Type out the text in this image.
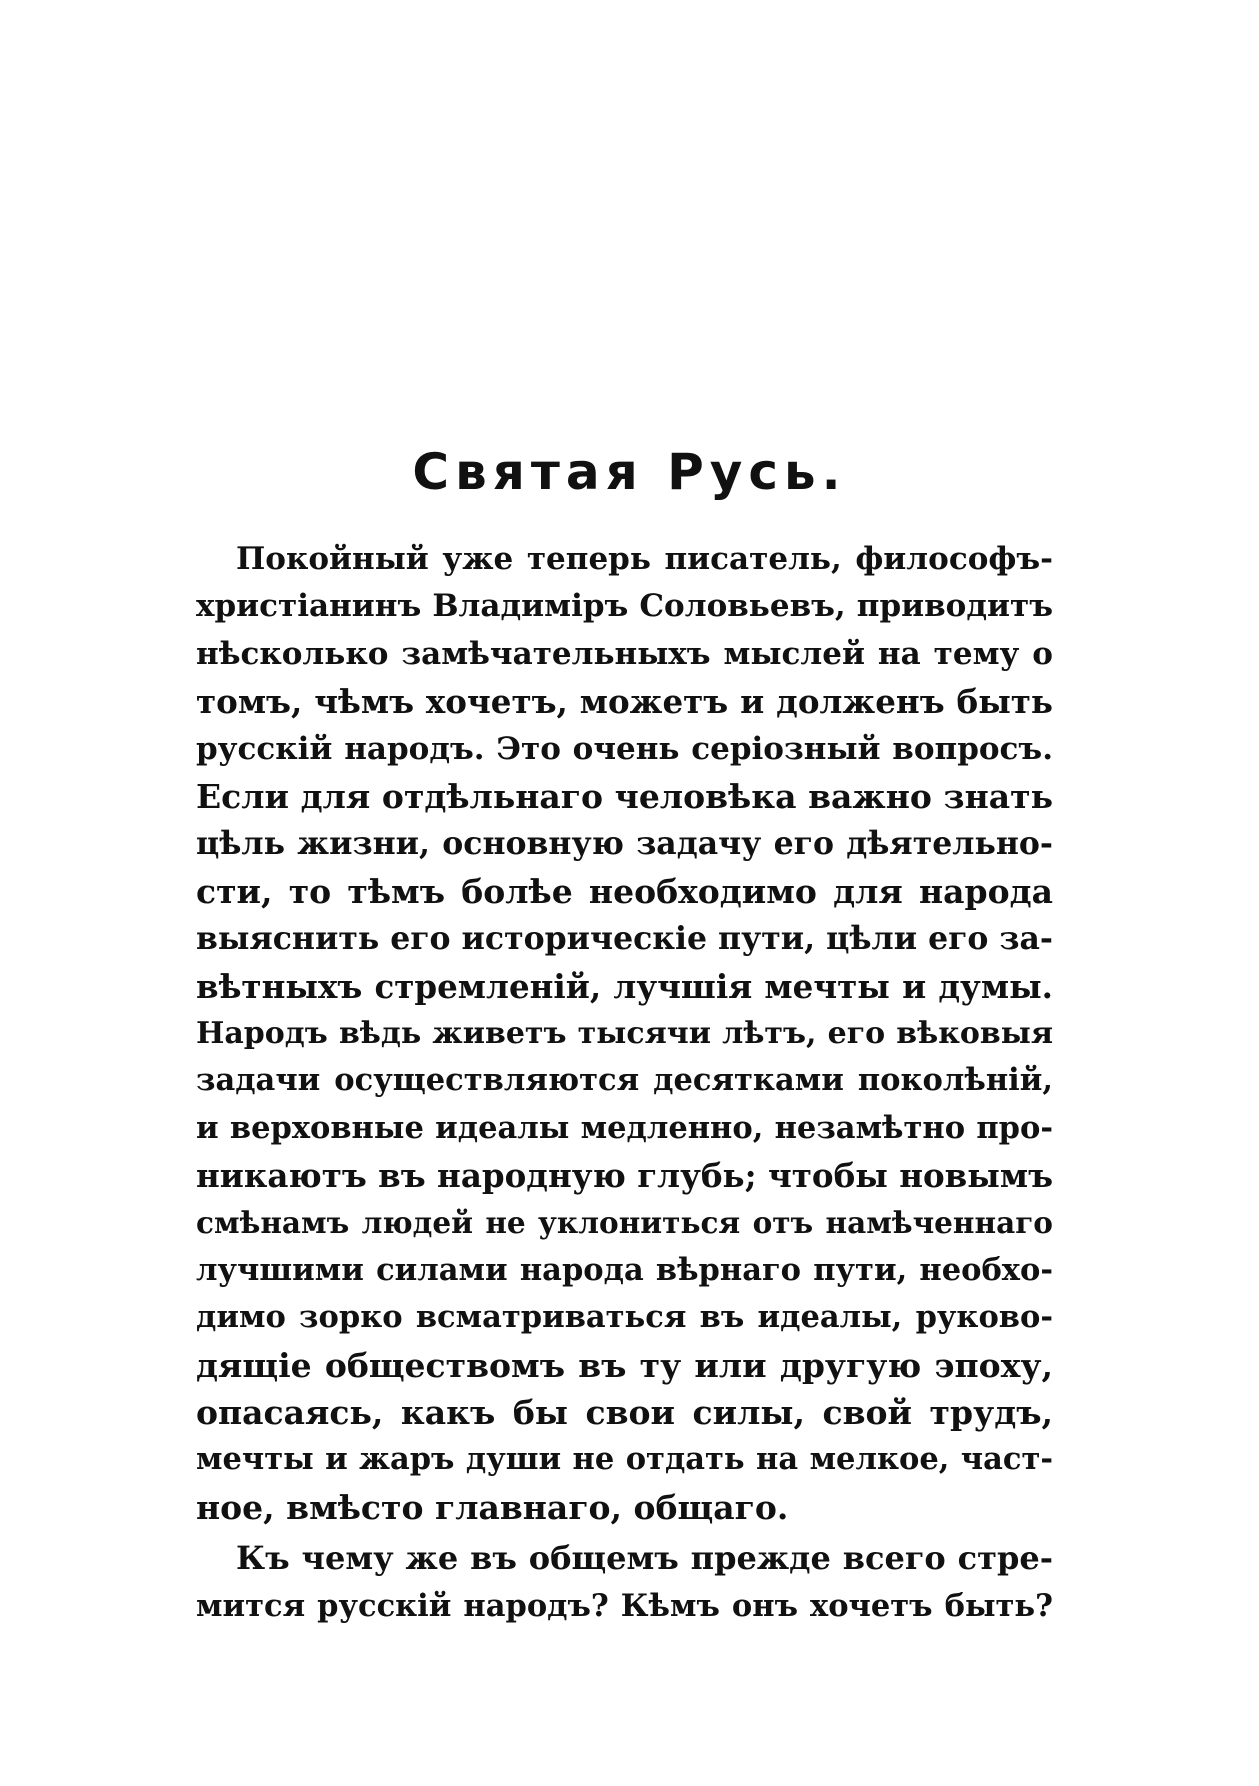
Святая Русь.
Покойный уже теперь писатель, философъ-
христіанинъ Владиміръ Соловьевъ, приводитъ
нѣсколько замѣчательныхъ мыслей на тему о
томъ, чѣмъ хочетъ, можетъ и долженъ быть
русскій народъ. Это очень серіозный вопросъ.
Если для отдѣльнаго человѣка важно знать
цѣль жизни, основную задачу его дѣятельно-
сти, то тѣмъ болѣе необходимо для народа
выяснить его историческіе пути, цѣли его за-
вѣтныхъ стремленій, лучшія мечты и думы.
Народъ вѣдь живетъ тысячи лѣтъ, его вѣковыя
задачи осуществляются десятками поколѣній,
и верховные идеалы медленно, незамѣтно про-
никаютъ въ народную глубь; чтобы новымъ
смѣнамъ людей не уклониться отъ намѣченнаго
лучшими силами народа вѣрнаго пути, необхо-
димо зорко всматриваться въ идеалы, руково-
дящіе обществомъ въ ту или другую эпоху,
опасаясь, какъ бы свои силы, свой трудъ,
мечты и жаръ души не отдать на мелкое, част-
ное, вмѣсто главнаго, общаго.
Къ чему же въ общемъ прежде всего стре-
мится русскій народъ? Кѣмъ онъ хочетъ быть?
